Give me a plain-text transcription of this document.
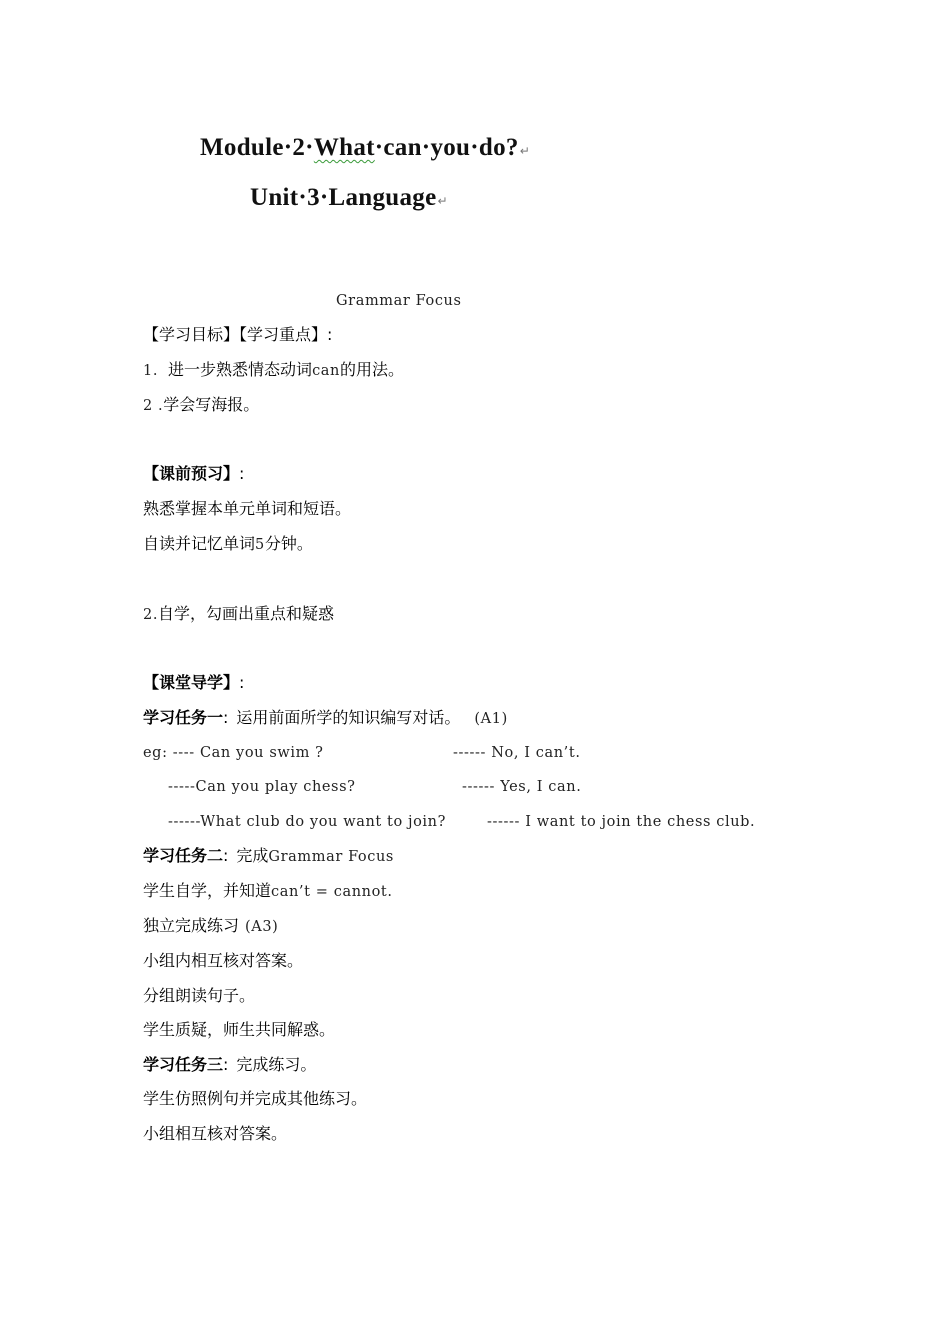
Module·2·What·can·you·do?↵
Unit·3·Language↵
Grammar Focus
【学习目标】【学习重点】:
1. 进一步熟悉情态动词can的用法。
2 .学会写海报。
【课前预习】:
熟悉掌握本单元单词和短语。
自读并记忆单词5分钟。
2.自学，勾画出重点和疑惑
【课堂导学】:
学习任务一: 运用前面所学的知识编写对话。 (A1)
eg: ---- Can you swim ?	------ No, I can’t.
-----Can you play chess?	------ Yes, I can.
------What club do you want to join?	------ I want to join the chess club.
学习任务二: 完成Grammar Focus
学生自学，并知道can’t = cannot.
独立完成练习 (A3)
小组内相互核对答案。
分组朗读句子。
学生质疑，师生共同解惑。
学习任务三: 完成练习。
学生仿照例句并完成其他练习。
小组相互核对答案。
